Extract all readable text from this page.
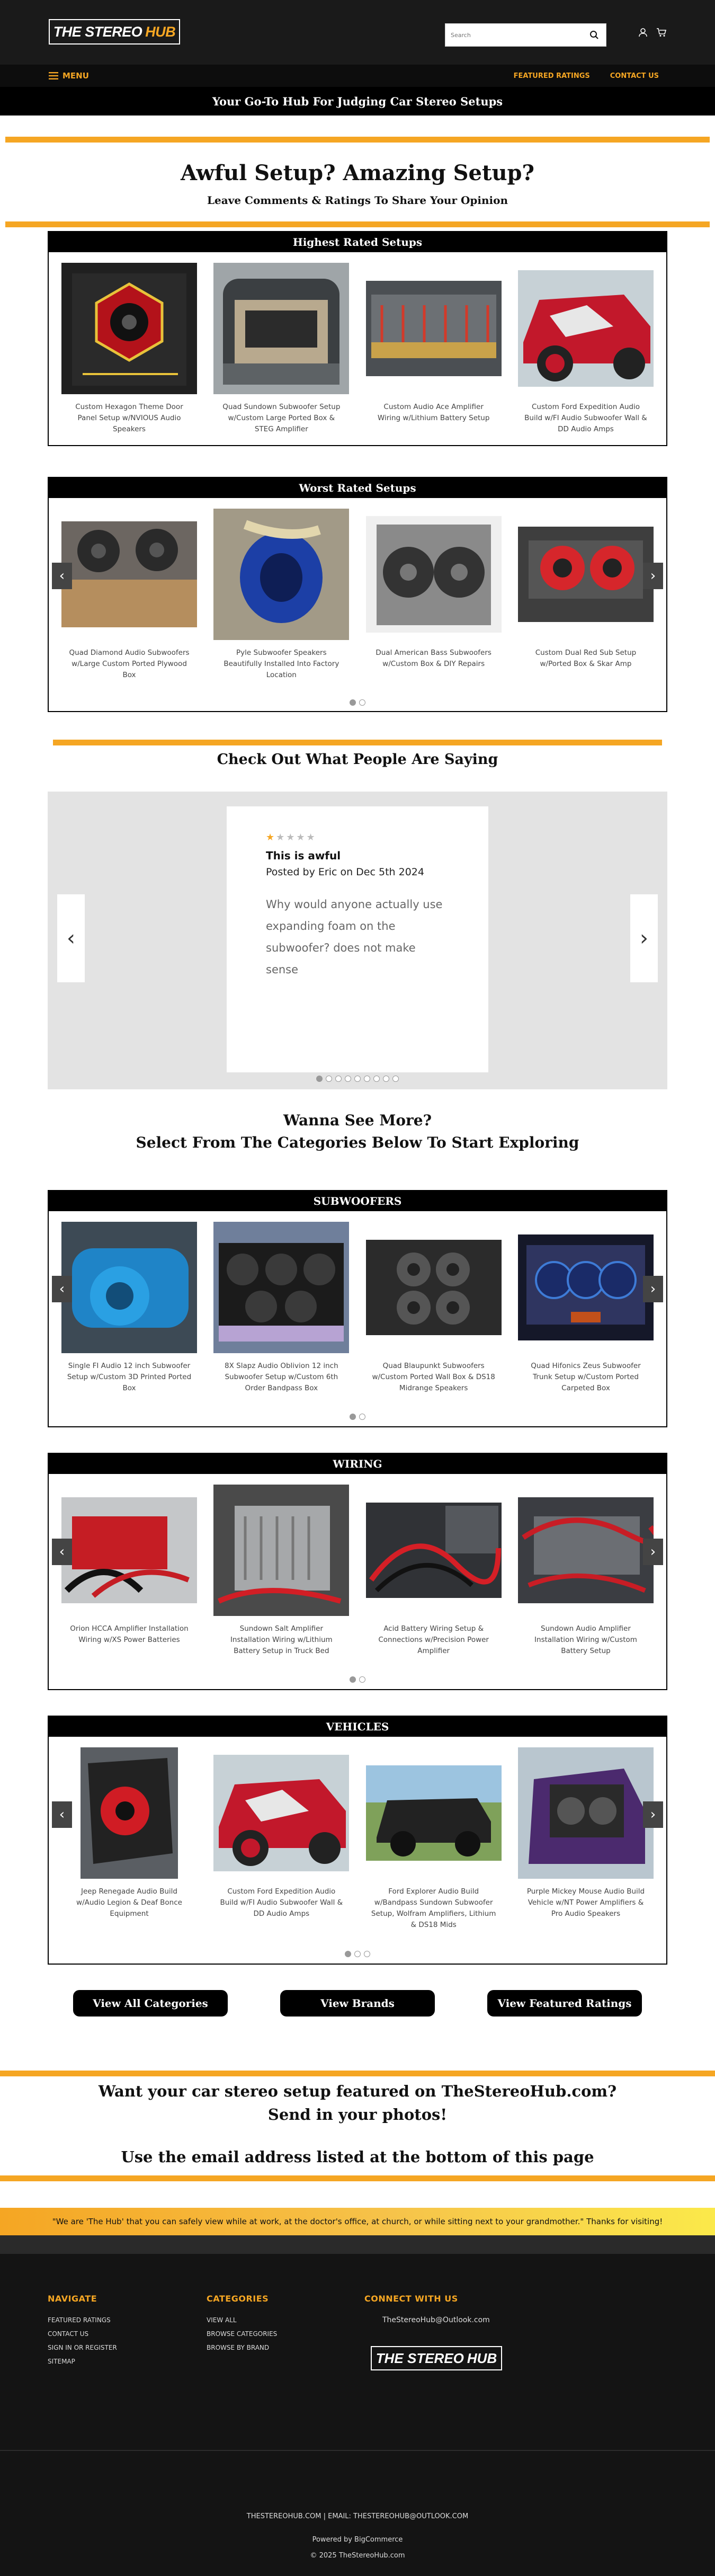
THE STEREO HUB
Search
MENU	FEATURED RATINGS	CONTACT US
Your Go-To Hub For Judging Car Stereo Setups
Awful Setup? Amazing Setup?
Leave Comments & Ratings To Share Your Opinion
Highest Rated Setups

Custom Hexagon Theme Door Panel Setup w/NVIOUS Audio Speakers

Quad Sundown Subwoofer Setup w/Custom Large Ported Box & STEG Amplifier

Custom Audio Ace Amplifier Wiring w/Lithium Battery Setup

Custom Ford Expedition Audio Build w/FI Audio Subwoofer Wall & DD Audio Amps

Worst Rated Setups

Quad Diamond Audio Subwoofers w/Large Custom Ported Plywood Box

Pyle Subwoofer Speakers Beautifully Installed Into Factory Location

Dual American Bass Subwoofers w/Custom Box & DIY Repairs

Custom Dual Red Sub Setup w/Ported Box & Skar Amp

‹	›
Check Out What People Are Saying
★★★★★
This is awful
Posted by Eric on Dec 5th 2024
Why would anyone actually use expanding foam on the subwoofer? does not make sense
‹	›
Wanna See More?
Select From The Categories Below To Start Exploring
SUBWOOFERS

Single FI Audio 12 inch Subwoofer Setup w/Custom 3D Printed Ported Box

8X Slapz Audio Oblivion 12 inch Subwoofer Setup w/Custom 6th Order Bandpass Box

Quad Blaupunkt Subwoofers w/Custom Ported Wall Box & DS18 Midrange Speakers

Quad Hifonics Zeus Subwoofer Trunk Setup w/Custom Ported Carpeted Box

‹	›
WIRING

Orion HCCA Amplifier Installation Wiring w/XS Power Batteries

Sundown Salt Amplifier Installation Wiring w/Lithium Battery Setup in Truck Bed

Acid Battery Wiring Setup & Connections w/Precision Power Amplifier

Sundown Audio Amplifier Installation Wiring w/Custom Battery Setup

‹	›
VEHICLES

Jeep Renegade Audio Build w/Audio Legion & Deaf Bonce Equipment

Custom Ford Expedition Audio Build w/FI Audio Subwoofer Wall & DD Audio Amps

Ford Explorer Audio Build w/Bandpass Sundown Subwoofer Setup, Wolfram Amplifiers, Lithium & DS18 Mids

Purple Mickey Mouse Audio Build Vehicle w/NT Power Amplifiers & Pro Audio Speakers

‹	›
View All Categories	View Brands	View Featured Ratings
Want your car stereo setup featured on TheStereoHub.com?
Send in your photos!
Use the email address listed at the bottom of this page
"We are 'The Hub' that you can safely view while at work, at the doctor's office, at church, or while sitting next to your grandmother." Thanks for visiting!
NAVIGATE
FEATURED RATINGS
CONTACT US
SIGN IN OR REGISTER
SITEMAP
CATEGORIES
VIEW ALL
BROWSE CATEGORIES
BROWSE BY BRAND
CONNECT WITH US
TheStereoHub@Outlook.com
THE STEREO HUB
THESTEREOHUB.COM | EMAIL: THESTEREOHUB@OUTLOOK.COM
Powered by BigCommerce
© 2025 TheStereoHub.com
